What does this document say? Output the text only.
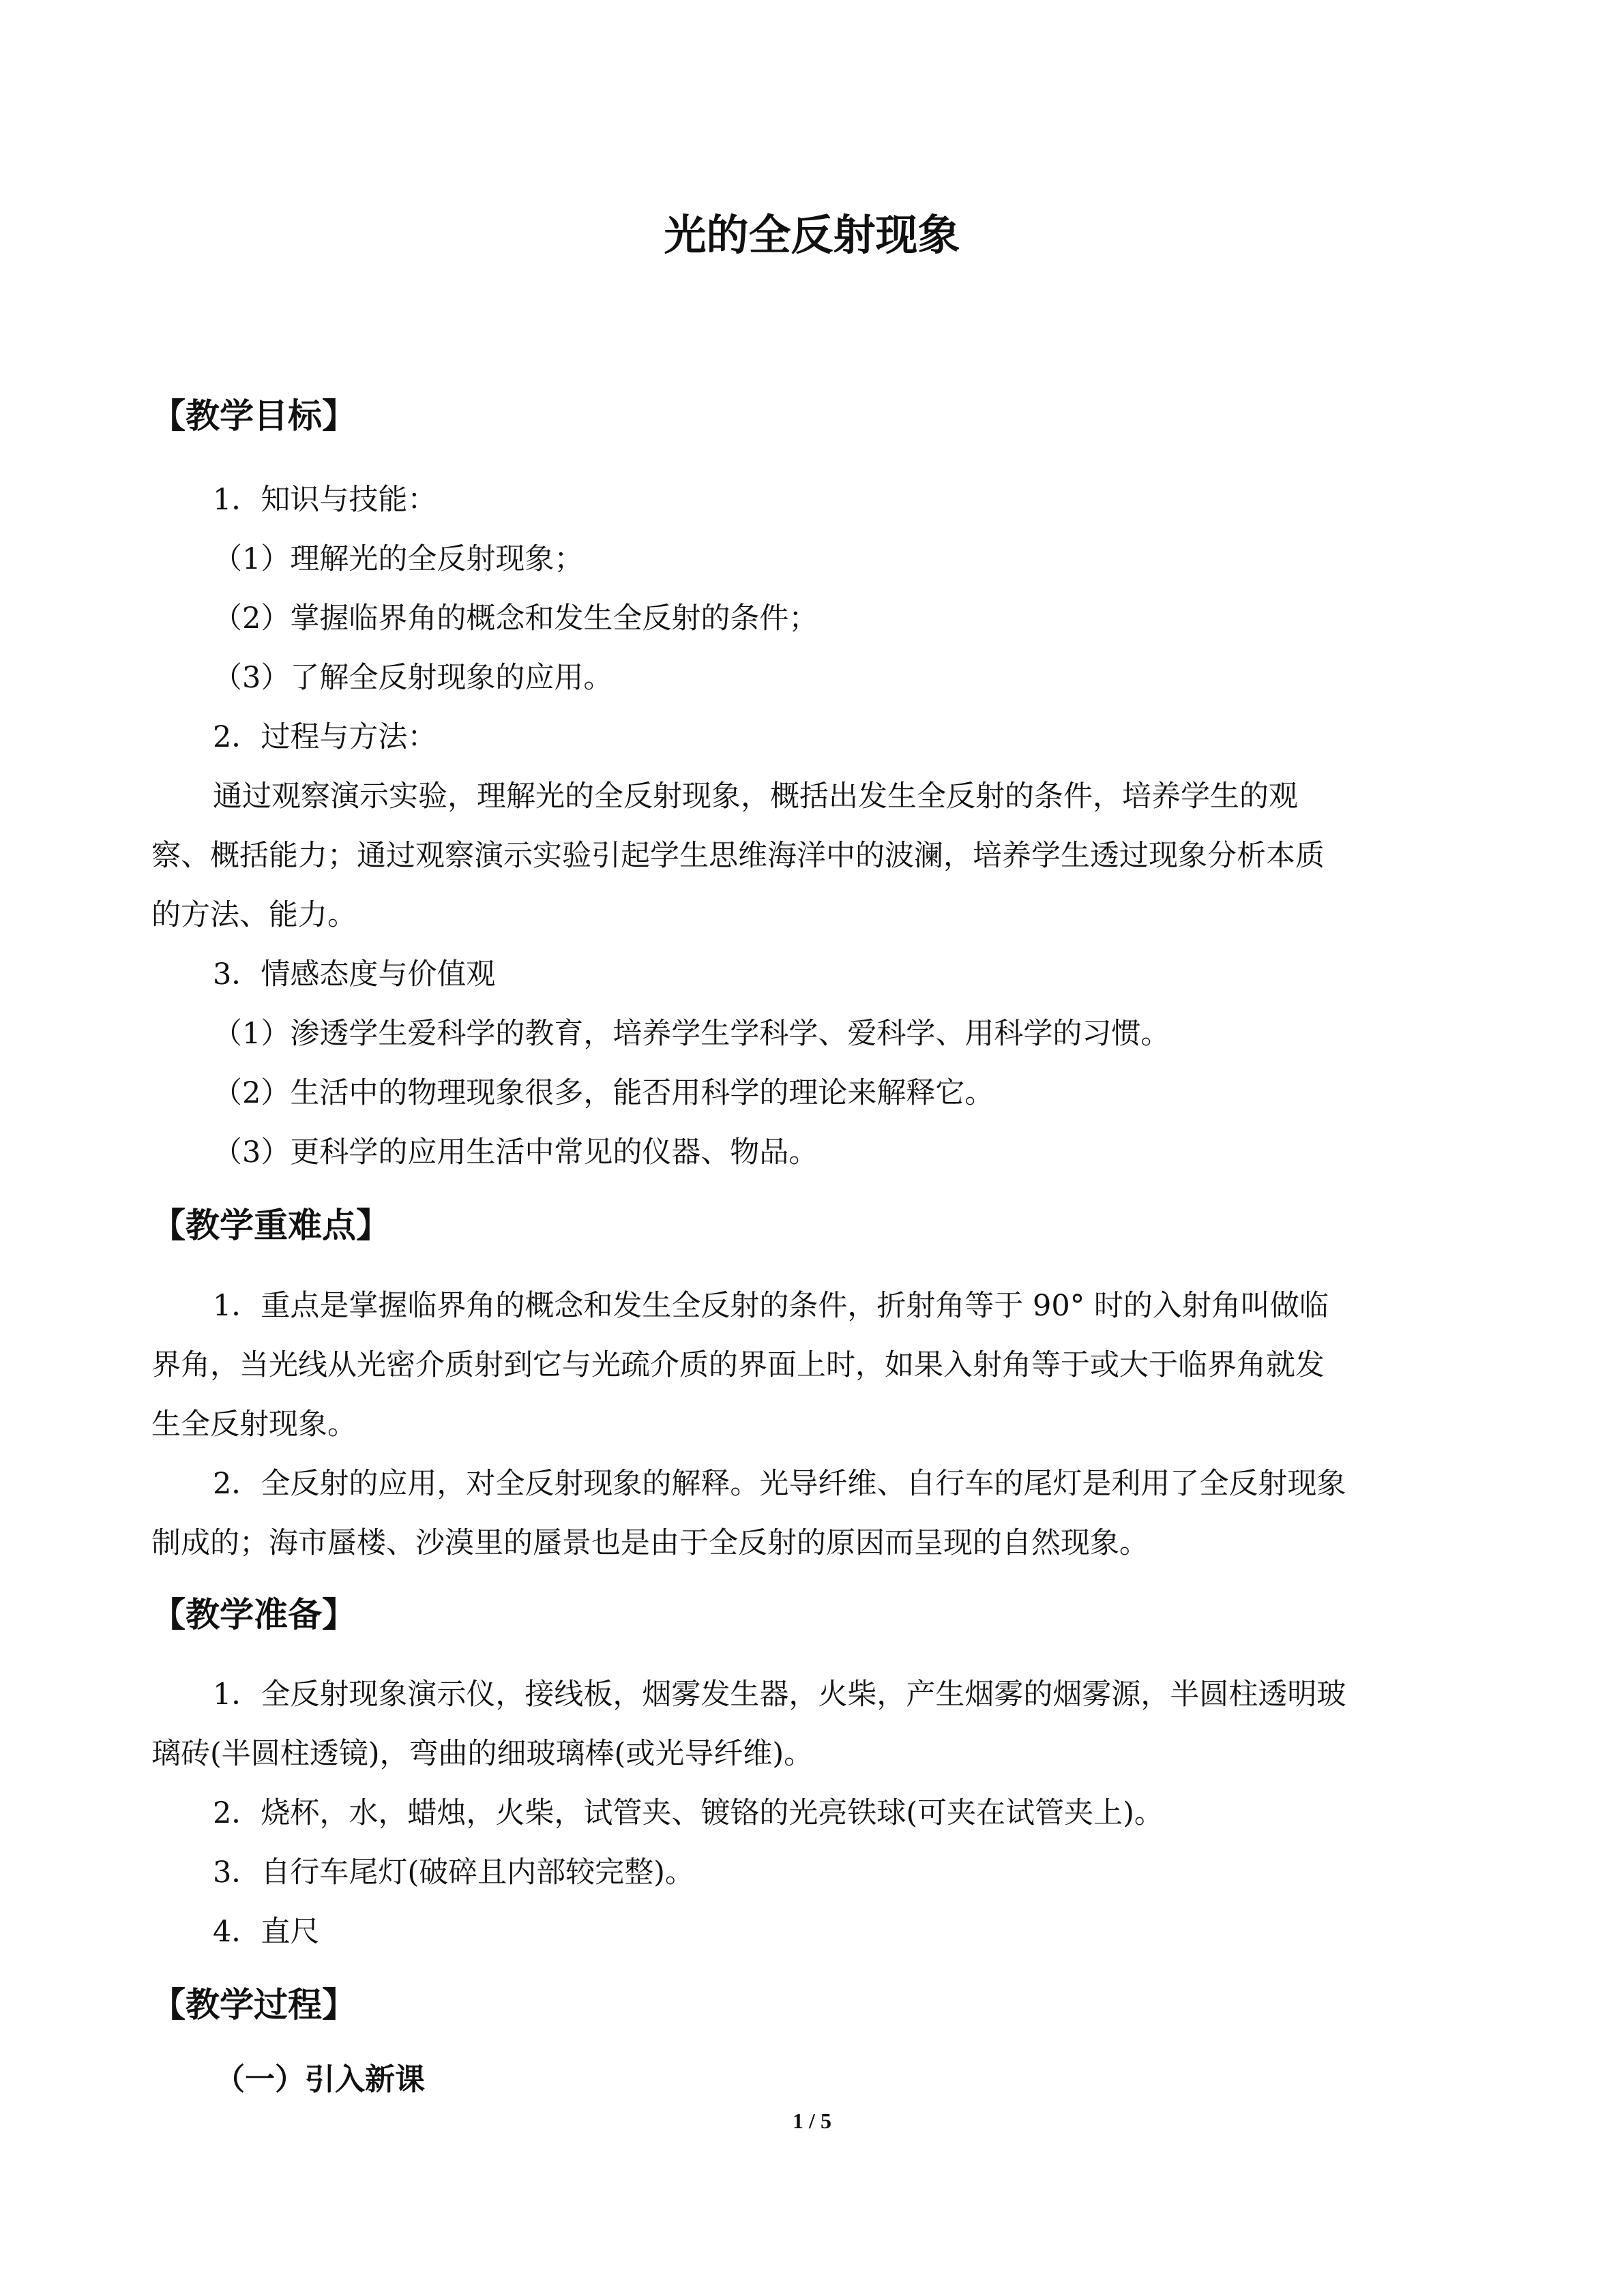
光的全反射现象
【教学目标】

1．知识与技能：

（1）理解光的全反射现象；

（2）掌握临界角的概念和发生全反射的条件；

（3）了解全反射现象的应用。

2．过程与方法：

通过观察演示实验，理解光的全反射现象，概括出发生全反射的条件，培养学生的观

察、概括能力；通过观察演示实验引起学生思维海洋中的波澜，培养学生透过现象分析本质

的方法、能力。

3．情感态度与价值观

（1）渗透学生爱科学的教育，培养学生学科学、爱科学、用科学的习惯。

（2）生活中的物理现象很多，能否用科学的理论来解释它。

（3）更科学的应用生活中常见的仪器、物品。

【教学重难点】

1．重点是掌握临界角的概念和发生全反射的条件，折射角等于 90° 时的入射角叫做临

界角，当光线从光密介质射到它与光疏介质的界面上时，如果入射角等于或大于临界角就发

生全反射现象。

2．全反射的应用，对全反射现象的解释。光导纤维、自行车的尾灯是利用了全反射现象

制成的；海市蜃楼、沙漠里的蜃景也是由于全反射的原因而呈现的自然现象。

【教学准备】

1．全反射现象演示仪，接线板，烟雾发生器，火柴，产生烟雾的烟雾源，半圆柱透明玻

璃砖(半圆柱透镜)，弯曲的细玻璃棒(或光导纤维)。

2．烧杯，水，蜡烛，火柴，试管夹、镀铬的光亮铁球(可夹在试管夹上)。

3．自行车尾灯(破碎且内部较完整)。

4．直尺

【教学过程】

（一）引入新课

1 / 5
